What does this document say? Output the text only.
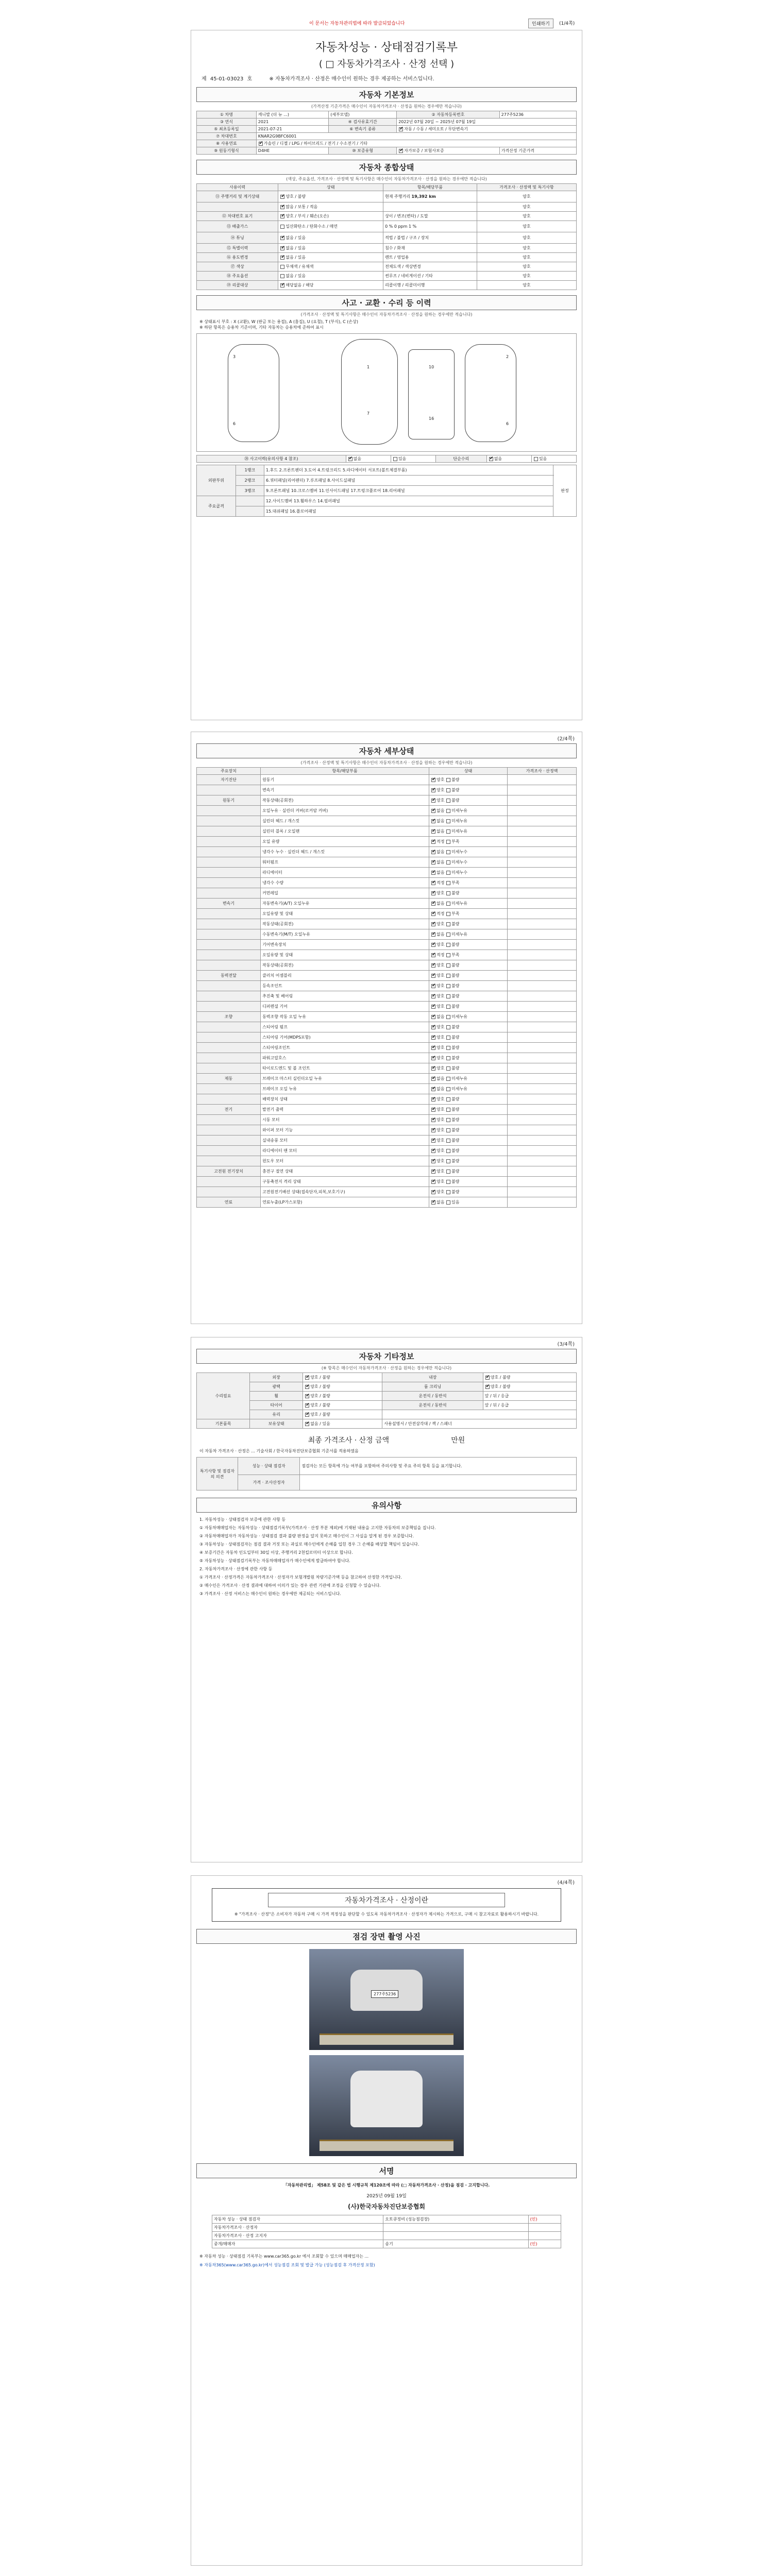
이 문서는 자동차관리법에 따라 발급되었습니다	인쇄하기	(1/4쪽)
자동차성능 · 상태점검기록부
( □ 자동차가격조사 · 산정 선택 )
제 45-01-03023 호	※ 자동차가격조사 · 산정은 매수인이 원하는 경우 제공하는 서비스입니다.
자동차 기본정보
(가격산정 기준가격은 매수인이 자동차가격조사 · 산정을 원하는 경우에만 적습니다)
① 차명	캐니발 (더 뉴 ...)	(세부모델)	② 자동차등록번호	277주5236
③ 연식	2021	④ 검사유효기간	2022년 07월 20일 ~ 2025년 07월 19일	
⑤ 최초등록일	2021-07-21	⑥ 변속기 종류	✔자동 / 수동 / 세미오토 / 무단변속기
⑦ 차대번호	KNAR2G9BFC6001			
⑧ 사용연료	✔가솔린 / 디젤 / LPG / 하이브리드 / 전기 / 수소전기 / 기타
⑨ 원동기형식	D4HE	⑩ 보증유형	✔자가보증 / 보험사보증	가격산정 기준가격
자동차 종합상태
(색상, 주요옵션, 가격조사 · 산정액 및 특기사항은 매수인이 자동차가격조사 · 산정을 원하는 경우에만 적습니다)
사용이력	상태	항목/해당부품	가격조사 · 산정액 및 특기사항
⑪ 주행거리 및 계기상태	✔양호 / 불량	현재 주행거리 19,392 km	양호
	✔많음 / 보통 / 적음		양호
⑫ 차대번호 표기	✔양호 / 부식 / 훼손(오손)	상이 / 변조(변타) / 도말	양호
⑬ 배출가스	일산화탄소 / 탄화수소 / 매연	0 % 0 ppm 1 %	양호
⑭ 튜닝	✔없음 / 있음	적법 / 불법 / 구조 / 장치	양호
⑮ 특별이력	✔없음 / 있음	침수 / 화재	양호
⑯ 용도변경	✔없음 / 있음	렌트 / 영업용	양호
⑰ 색상	무채색 / 유채색	전체도색 / 색상변경	양호
⑱ 주요옵션	없음 / 있음	썬루프 / 네비게이션 / 기타	양호
⑲ 리콜대상	✔해당없음 / 해당	리콜이행 / 리콜미이행	양호
사고 · 교환 · 수리 등 이력
(가격조사 · 산정액 및 특기사항은 매수인이 자동차가격조사 · 산정을 원하는 경우에만 적습니다)
※ 상태표시 부호 : X (교환), W (판금 또는 용접), A (흠집), U (요철), T (부식), C (손상)
※ 하단 항목은 승용차 기준이며, 기타 자동차는 승용차에 준하여 표시
3
6
1
7
10
16
2
6
⑳ 사고이력(유의사항 4 참조)	✔없음	있음	단순수리	✔없음	있음
외판부위	1랭크	1.후드 2.프론트펜더 3.도어 4.트렁크리드 5.라디에이터 서포트(볼트체결부품)	판정
	2랭크	6.쿼터패널(리어펜더) 7.루프패널 8.사이드실패널	
	3랭크	9.프론트패널 10.크로스멤버 11.인사이드패널 17.트렁크플로어 18.리어패널	
주요골격		12.사이드멤버 13.휠하우스 14.필러패널	
		15.대쉬패널 16.플로어패널	
(2/4쪽)
자동차 세부상태
(가격조사 · 산정액 및 특기사항은 매수인이 자동차가격조사 · 산정을 원하는 경우에만 적습니다)
주요장치	항목/해당부품	상태	가격조사 · 산정액
자기진단	원동기	✔양호 불량	
	변속기	✔양호 불량	
원동기	작동상태(공회전)	✔양호 불량	
	오일누유 · 실린더 커버(로커암 커버)	✔없음 미세누유	
	실린더 헤드 / 개스킷	✔없음 미세누유	
	실린더 블록 / 오일팬	✔없음 미세누유	
	오일 유량	✔적정 부족	
	냉각수 누수 · 실린더 헤드 / 개스킷	✔없음 미세누수	
	워터펌프	✔없음 미세누수	
	라디에이터	✔없음 미세누수	
	냉각수 수량	✔적정 부족	
	커먼레일	✔양호 불량	
변속기	자동변속기(A/T) 오일누유	✔없음 미세누유	
	오일유량 및 상태	✔적정 부족	
	작동상태(공회전)	✔양호 불량	
	수동변속기(M/T) 오일누유	✔없음 미세누유	
	기어변속장치	✔양호 불량	
	오일유량 및 상태	✔적정 부족	
	작동상태(공회전)	✔양호 불량	
동력전달	클러치 어셈블리	✔양호 불량	
	등속조인트	✔양호 불량	
	추진축 및 베어링	✔양호 불량	
	디퍼렌셜 기어	✔양호 불량	
조향	동력조향 작동 오일 누유	✔없음 미세누유	
	스티어링 펌프	✔양호 불량	
	스티어링 기어(MDPS포함)	✔양호 불량	
	스티어링조인트	✔양호 불량	
	파워고압호스	✔양호 불량	
	타이로드엔드 및 볼 조인트	✔양호 불량	
제동	브레이크 마스터 실린더오일 누유	✔없음 미세누유	
	브레이크 오일 누유	✔없음 미세누유	
	배력장치 상태	✔양호 불량	
전기	발전기 출력	✔양호 불량	
	시동 모터	✔양호 불량	
	와이퍼 모터 기능	✔양호 불량	
	실내송풍 모터	✔양호 불량	
	라디에이터 팬 모터	✔양호 불량	
	윈도우 모터	✔양호 불량	
고전원 전기장치	충전구 절연 상태	✔양호 불량	
	구동축전지 격리 상태	✔양호 불량	
	고전원전기배선 상태(접속단자,피복,보호기구)	✔양호 불량	
연료	연료누출(LP가스포함)	✔없음 있음	
(3/4쪽)
자동차 기타정보
(※ 항목은 매수인이 자동차가격조사 · 산정을 원하는 경우에만 적습니다)
수리필요	외장	✔양호 / 불량	내장	✔양호 / 불량
	광택	✔양호 / 불량	룸 크리닝	✔양호 / 불량
	휠	✔양호 / 불량	운전석 / 동반석	앞 / 뒤 / 응급
	타이어	✔양호 / 불량	운전석 / 동반석	앞 / 뒤 / 응급
	유리	✔양호 / 불량	
기본품목	보유상태	✔없음 / 있음	사용설명서 / 안전삼각대 / 잭 / 스패너	
최종 가격조사 · 산정 금액	만원
이 자동차 가격조사 · 산정은 ... 기술사회 / 한국자동차진단보증협회 기준서를 적용하였음
특기사항 및 점검자의 의견	성능 · 상태 점검자	점검자는 모든 항목에 가능 여부를 포함하여 주의사항 및 주요 주의 항목 등을 표기합니다.
	가격 · 조사산정자	
유의사항
1. 자동차성능 · 상태점검자 보증에 관한 사항 등
① 자동차매매업자는 자동차성능 · 상태점검기록부(가격조사 · 산정 부분 제외)에 기재된 내용을 고지한 자동차의 보증책임을 집니다.
② 자동차매매업자가 자동차성능 · 상태점검 결과 불량 판정을 알지 못하고 매수인이 그 사실을 알게 된 경우 보증합니다.
③ 자동차성능 · 상태점검자는 점검 결과 거짓 또는 과실로 매수인에게 손해를 입힌 경우 그 손해를 배상할 책임이 있습니다.
④ 보증기간은 자동차 인도일부터 30일 이상, 주행거리 2천킬로미터 이상으로 합니다.
⑤ 자동차성능 · 상태점검기록부는 자동차매매업자가 매수인에게 발급하여야 합니다.
2. 자동차가격조사 · 산정에 관한 사항 등
① 가격조사 · 산정가격은 자동차가격조사 · 산정자가 보험개발원 차량기준가액 등을 참고하여 산정한 가격입니다.
② 매수인은 가격조사 · 산정 결과에 대하여 이의가 있는 경우 관련 기관에 조정을 신청할 수 있습니다.
③ 가격조사 · 산정 서비스는 매수인이 원하는 경우에만 제공되는 서비스입니다.
(4/4쪽)
자동차가격조사 · 산정이란
※ "가격조사 · 산정"은 소비자가 자동차 구매 시 가격 적정성을 판단할 수 있도록 자동차가격조사 · 산정자가 제시하는 가격으로, 구매 시 참고자료로 활용하시기 바랍니다.
점검 장면 촬영 사진
277주5236
서명
「자동차관리법」 제58조 및 같은 법 시행규칙 제120조에 따라 (□ 자동차가격조사 · 산정)을 점검 · 고지합니다.
2025년 09월 19일
(사)한국자동차진단보증협회
자동차 성능 · 상태 점검자	오토큐정비 (성능점검장)	(인)
자동차가격조사 · 산정자		
자동차가격조사 · 산정 고지자		
중개/매매자	송기	(인)
※ 자동차 성능 · 상태점검 기록부는 www.car365.go.kr 에서 조회할 수 있으며 매매업자는 ...
※ 자동차365(www.car365.go.kr)에서 성능점검 조회 및 발급 가능 (성능점검 후 가격산정 포함)
